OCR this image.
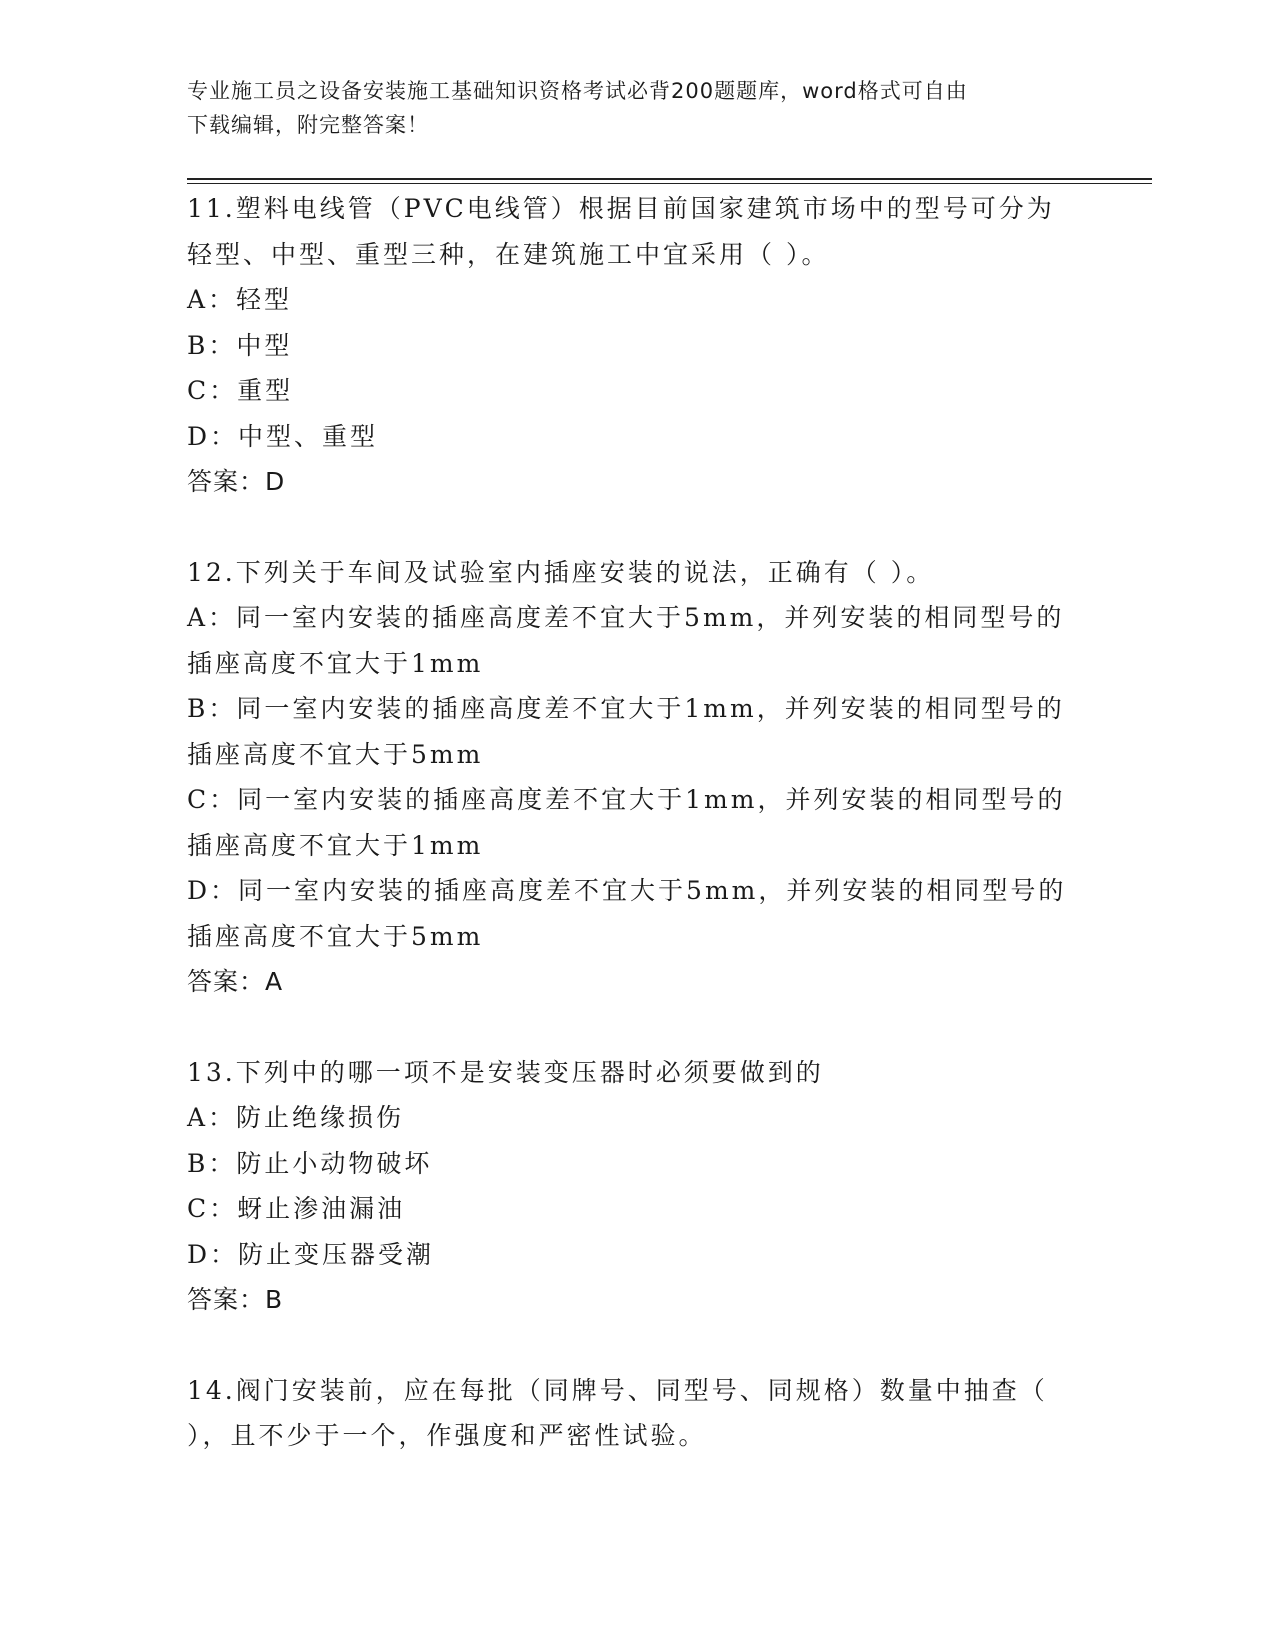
专业施工员之设备安装施工基础知识资格考试必背200题题库，word格式可自由
下载编辑，附完整答案！
11.塑料电线管（PVC电线管）根据目前国家建筑市场中的型号可分为
轻型、中型、重型三种，在建筑施工中宜采用（ ）。
A：轻型
B：中型
C：重型
D：中型、重型
答案：D
12.下列关于车间及试验室内插座安装的说法，正确有（ ）。
A：同一室内安装的插座高度差不宜大于5mm，并列安装的相同型号的
插座高度不宜大于1mm
B：同一室内安装的插座高度差不宜大于1mm，并列安装的相同型号的
插座高度不宜大于5mm
C：同一室内安装的插座高度差不宜大于1mm，并列安装的相同型号的
插座高度不宜大于1mm
D：同一室内安装的插座高度差不宜大于5mm，并列安装的相同型号的
插座高度不宜大于5mm
答案：A
13.下列中的哪一项不是安装变压器时必须要做到的
A：防止绝缘损伤
B：防止小动物破坏
C：蚜止渗油漏油
D：防止变压器受潮
答案：B
14.阀门安装前，应在每批（同牌号、同型号、同规格）数量中抽查（
），且不少于一个，作强度和严密性试验。
